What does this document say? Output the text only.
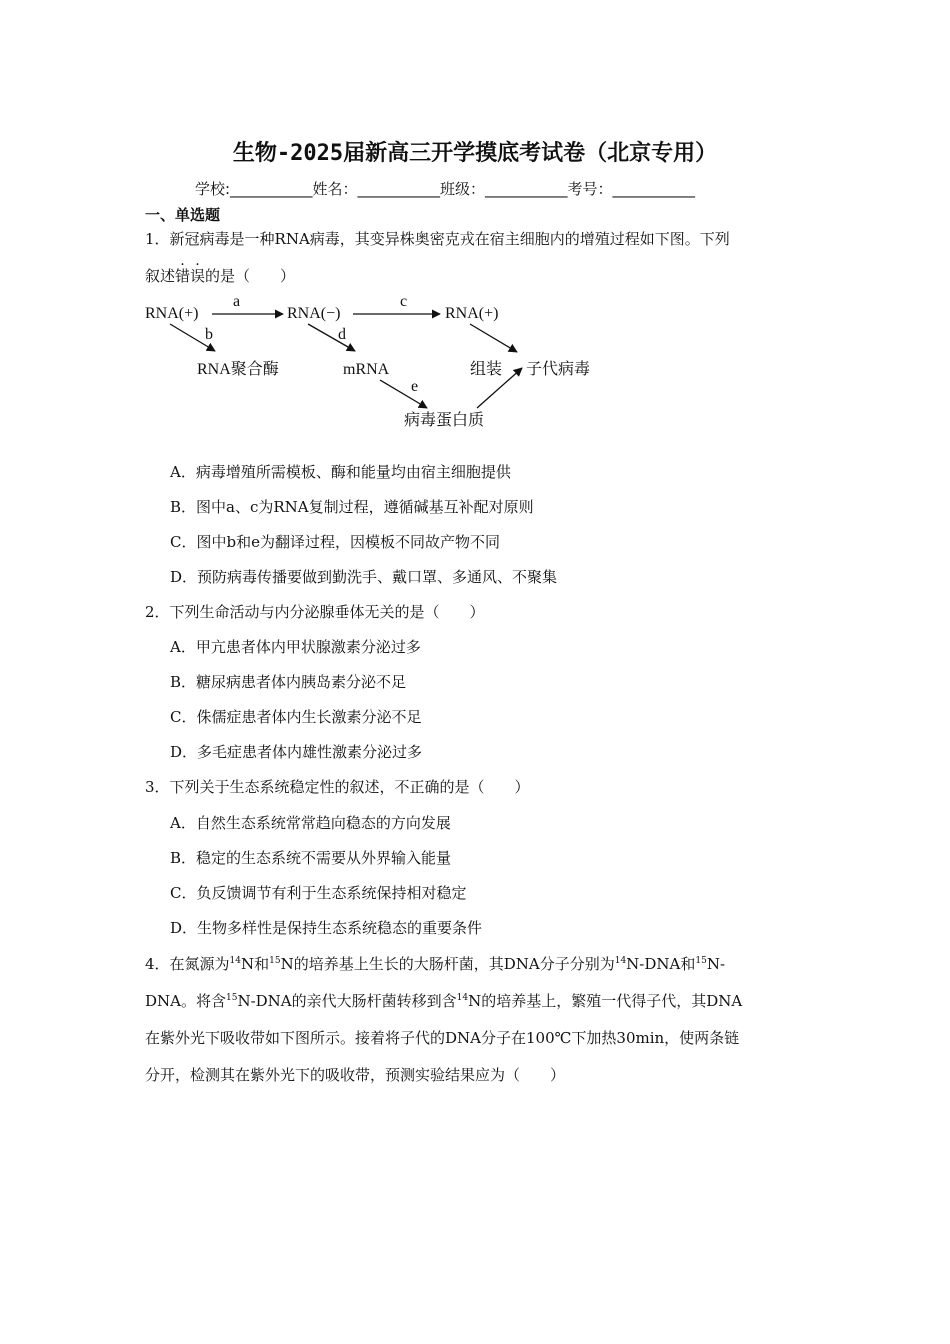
生物-2025届新高三开学摸底考试卷（北京专用）
学校:___________姓名：___________班级：___________考号：___________
一、单选题
1．新冠病毒是一种RNA病毒，其变异株奥密克戎在宿主细胞内的增殖过程如下图。下列
叙述错误的是（　　）
RNA(+)	RNA(−)	RNA(+)
a	c
b
RNA聚合酶
d
mRNA
e
病毒蛋白质
组装 子代病毒
A．病毒增殖所需模板、酶和能量均由宿主细胞提供
B．图中a、c为RNA复制过程，遵循碱基互补配对原则
C．图中b和e为翻译过程，因模板不同故产物不同
D．预防病毒传播要做到勤洗手、戴口罩、多通风、不聚集
2．下列生命活动与内分泌腺垂体无关的是（　　）
A．甲亢患者体内甲状腺激素分泌过多
B．糖尿病患者体内胰岛素分泌不足
C．侏儒症患者体内生长激素分泌不足
D．多毛症患者体内雄性激素分泌过多
3．下列关于生态系统稳定性的叙述，不正确的是（　　）
A．自然生态系统常常趋向稳态的方向发展
B．稳定的生态系统不需要从外界输入能量
C．负反馈调节有利于生态系统保持相对稳定
D．生物多样性是保持生态系统稳态的重要条件
4．在氮源为$^{14}$N和$^{15}$N的培养基上生长的大肠杆菌，其DNA分子分别为$^{14}$N-DNA和$^{15}$N-
DNA。将含$^{15}$N-DNA的亲代大肠杆菌转移到含$^{14}$N的培养基上，繁殖一代得子代，其DNA
在紫外光下吸收带如下图所示。接着将子代的DNA分子在100℃下加热30min，使两条链
分开，检测其在紫外光下的吸收带，预测实验结果应为（　　）
